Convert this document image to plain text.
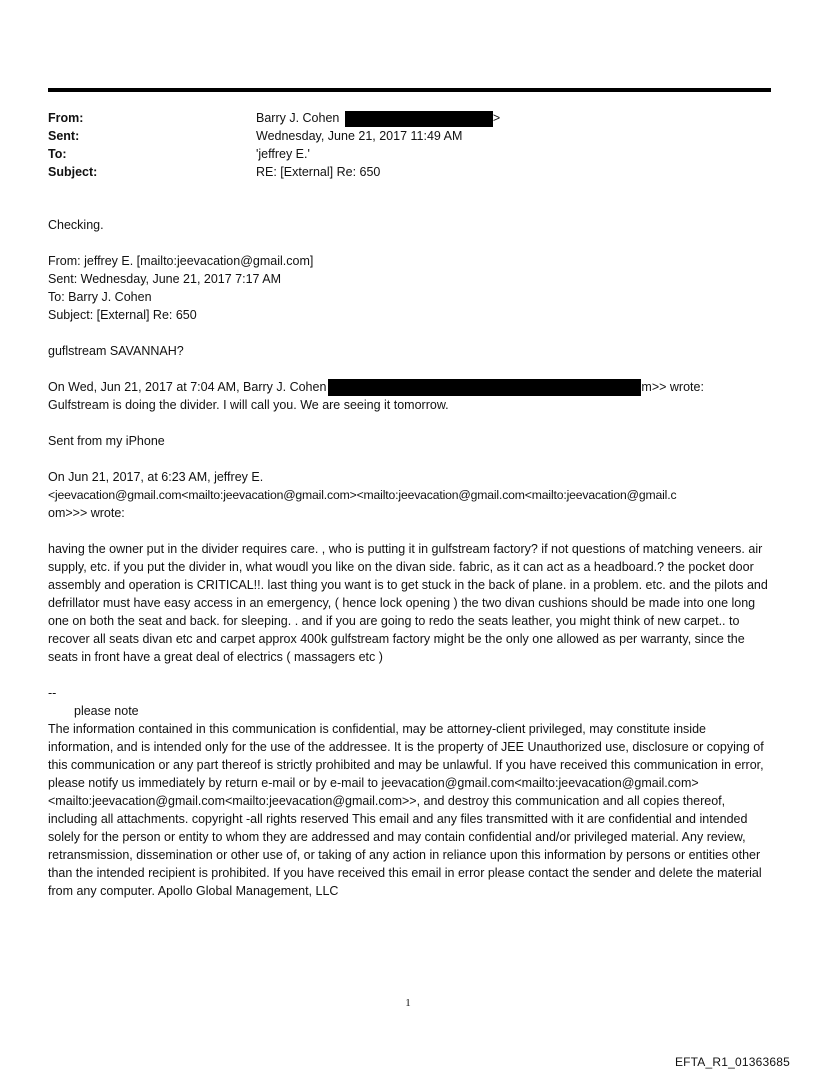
From:	Barry J. Cohen	>
Sent:	Wednesday, June 21, 2017 11:49 AM
To:	'jeffrey E.'
Subject:	RE: [External] Re: 650

Checking.

From: jeffrey E. [mailto:jeevacation@gmail.com]

Sent: Wednesday, June 21, 2017 7:17 AM

To: Barry J. Cohen

Subject: [External] Re: 650

guflstream SAVANNAH?

On Wed, Jun 21, 2017 at 7:04 AM, Barry J. Cohen	m>> wrote:

Gulfstream is doing the divider. I will call you. We are seeing it tomorrow.

Sent from my iPhone

On Jun 21, 2017, at 6:23 AM, jeffrey E.

<jeevacation@gmail.com<mailto:jeevacation@gmail.com><mailto:jeevacation@gmail.com<mailto:jeevacation@gmail.c

om>>> wrote:

having the owner put in the divider requires care. , who is putting it in gulfstream factory? if not questions of matching veneers. air supply, etc. if you put the divider in, what woudl you like on the divan side. fabric, as it can act as a headboard.? the pocket door assembly and operation is CRITICAL!!. last thing you want is to get stuck in the back of plane. in a problem. etc. and the pilots and defrillator must have easy access in an emergency, ( hence lock opening ) the two divan cushions should be made into one long one on both the seat and back. for sleeping. . and if you are going to redo the seats leather, you might think of new carpet.. to recover all seats divan etc and carpet approx 400k gulfstream factory might be the only one allowed as per warranty, since the seats in front have a great deal of electrics ( massagers etc )

--

please note

The information contained in this communication is confidential, may be attorney-client privileged, may constitute inside information, and is intended only for the use of the addressee. It is the property of JEE Unauthorized use, disclosure or copying of this communication or any part thereof is strictly prohibited and may be unlawful. If you have received this communication in error, please notify us immediately by return e-mail or by e-mail to jeevacation@gmail.com<mailto:jeevacation@gmail.com><mailto:jeevacation@gmail.com<mailto:jeevacation@gmail.com>>, and destroy this communication and all copies thereof, including all attachments. copyright -all rights reserved This email and any files transmitted with it are confidential and intended solely for the person or entity to whom they are addressed and may contain confidential and/or privileged material. Any review, retransmission, dissemination or other use of, or taking of any action in reliance upon this information by persons or entities other than the intended recipient is prohibited. If you have received this email in error please contact the sender and delete the material from any computer. Apollo Global Management, LLC

1
EFTA_R1_01363685
